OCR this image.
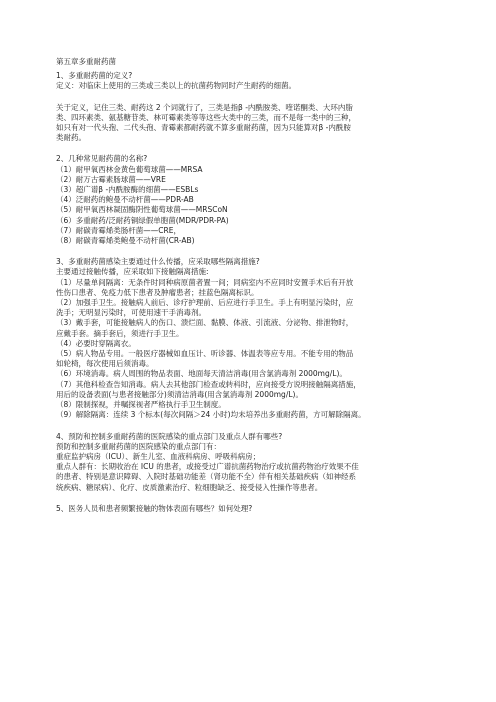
第五章多重耐药菌

1、多重耐药菌的定义?

定义：对临床上使用的三类或三类以上的抗菌药物同时产生耐药的细菌。

关于定义，记住三类、耐药这 2 个词就行了，三类是指β -内酰胺类、喹诺酮类、大环内脂

类、四环素类、氨基糖苷类、林可霉素类等等这些大类中的三类，而不是每一类中的三种，

如只有对一代头孢、二代头孢、青霉素都耐药就不算多重耐药菌，因为只能算对β -内酰胺

类耐药。

2、几种常见耐药菌的名称?

（1）耐甲氧西林金黄色葡萄球菌——MRSA

（2）耐万古霉素肠球菌——VRE

（3）超广谱β -内酰胺酶的细菌——ESBLs

（4）泛耐药的鲍曼不动杆菌——PDR-AB

（5）耐甲氧西林凝固酶阴性葡萄球菌——MRSCoN

（6）多重耐药/泛耐药铜绿假单胞菌(MDR/PDR-PA)

（7）耐碳青霉烯类肠杆菌——CRE，

（8）耐碳青霉烯类鲍曼不动杆菌(CR-AB)

3、多重耐药菌感染主要通过什么传播，应采取哪些隔离措施?

主要通过接触传播，应采取如下接触隔离措施:

（1）尽量单间隔离：无条件时同种病原菌者置一间；同病室内不应同时安置手术后有开放

性伤口患者、免疫力低下患者及肿瘤患者；挂蓝色隔离标识。

（2）加强手卫生。接触病人前后、诊疗护理前、后应进行手卫生。手上有明显污染时，应

洗手；无明显污染时，可使用速干手消毒剂。

（3）戴手套，可能接触病人的伤口、溃烂面、黏膜、体液、引流液、分泌物、排泄物时，

应戴手套。摘手套后，须进行手卫生。

（4）必要时穿隔离衣。

（5）病人物品专用。一般医疗器械如血压计、听诊器、体温表等应专用。不能专用的物品

如轮椅，每次使用后须消毒。

（6）环境消毒。病人周围的物品表面、地面每天清洁消毒(用含氯消毒剂 2000mg/L)。

（7）其他科检查告知消毒。病人去其他部门检查或转科时，应向接受方说明接触隔离措施，

用后的设备表面(与患者接触部分)须清洁消毒(用含氯消毒剂 2000mg/L)。

（8）限制探视，并嘱探视者严格执行手卫生制度。

（9）解除隔离：连续 3 个标本(每次间隔＞24 小时)均未培养出多重耐药菌，方可解除隔离。

4、预防和控制多重耐药菌的医院感染的重点部门及重点人群有哪些?

预防和控制多重耐药菌的医院感染的重点部门有：

重症监护病房（ICU）、新生儿室、血液科病房、呼吸科病房；

重点人群有：长期收治在 ICU 的患者，或接受过广谱抗菌药物治疗或抗菌药物治疗效果不佳

的患者、特别是意识障碍、入院时基础功能差（肾功能不全）伴有相关基础疾病（如神经系

统疾病、糖尿病）、化疗、皮质激素治疗、粒细胞缺乏、接受侵入性操作等患者。

5、医务人员和患者频繁接触的物体表面有哪些？如何处理?
